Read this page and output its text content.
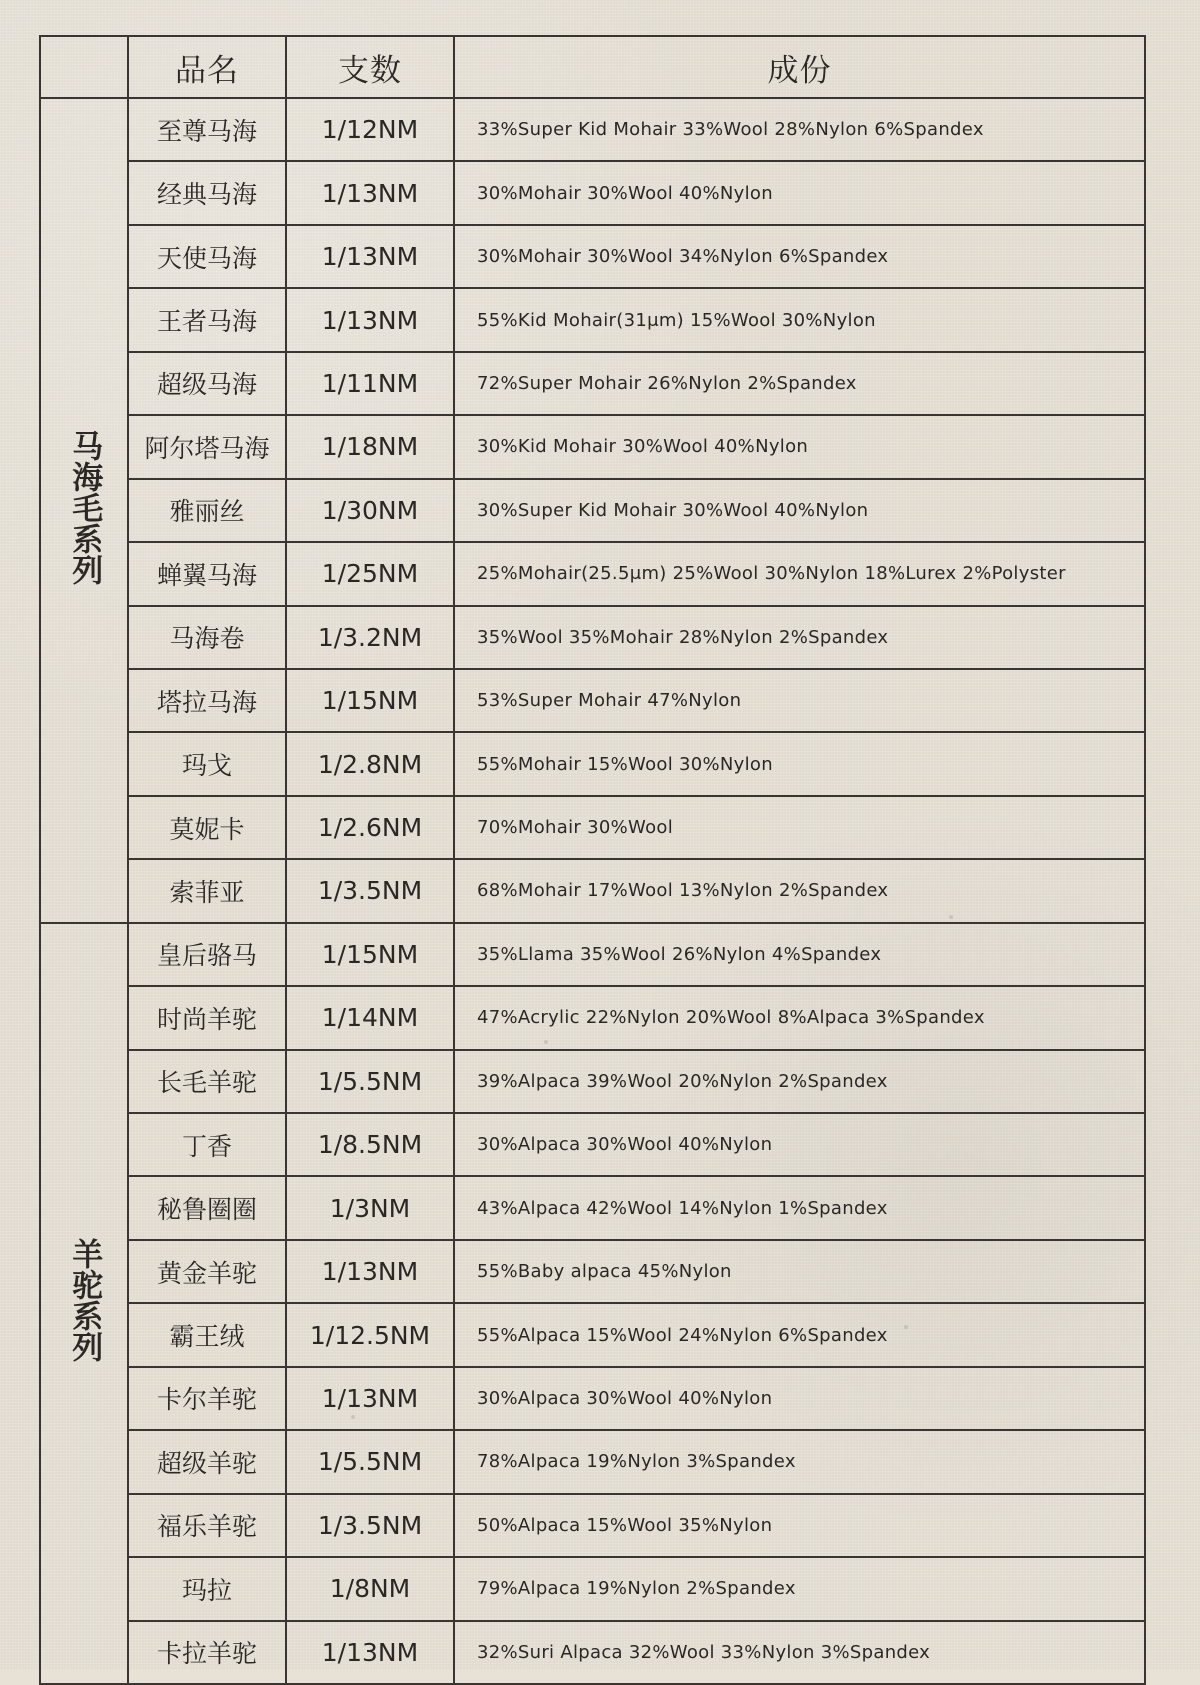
	品名	支数	成份
马海毛系列	至尊马海	1/12NM	33%Super Kid Mohair 33%Wool 28%Nylon 6%Spandex
	经典马海	1/13NM	30%Mohair 30%Wool 40%Nylon
	天使马海	1/13NM	30%Mohair 30%Wool 34%Nylon 6%Spandex
	王者马海	1/13NM	55%Kid Mohair(31μm) 15%Wool 30%Nylon
	超级马海	1/11NM	72%Super Mohair 26%Nylon 2%Spandex
	阿尔塔马海	1/18NM	30%Kid Mohair 30%Wool 40%Nylon
	雅丽丝	1/30NM	30%Super Kid Mohair 30%Wool 40%Nylon
	蝉翼马海	1/25NM	25%Mohair(25.5μm) 25%Wool 30%Nylon 18%Lurex 2%Polyster
	马海卷	1/3.2NM	35%Wool 35%Mohair 28%Nylon 2%Spandex
	塔拉马海	1/15NM	53%Super Mohair 47%Nylon
	玛戈	1/2.8NM	55%Mohair 15%Wool 30%Nylon
	莫妮卡	1/2.6NM	70%Mohair 30%Wool
	索菲亚	1/3.5NM	68%Mohair 17%Wool 13%Nylon 2%Spandex
羊驼系列	皇后骆马	1/15NM	35%Llama 35%Wool 26%Nylon 4%Spandex
	时尚羊驼	1/14NM	47%Acrylic 22%Nylon 20%Wool 8%Alpaca 3%Spandex
	长毛羊驼	1/5.5NM	39%Alpaca 39%Wool 20%Nylon 2%Spandex
	丁香	1/8.5NM	30%Alpaca 30%Wool 40%Nylon
	秘鲁圈圈	1/3NM	43%Alpaca 42%Wool 14%Nylon 1%Spandex
	黄金羊驼	1/13NM	55%Baby alpaca 45%Nylon
	霸王绒	1/12.5NM	55%Alpaca 15%Wool 24%Nylon 6%Spandex
	卡尔羊驼	1/13NM	30%Alpaca 30%Wool 40%Nylon
	超级羊驼	1/5.5NM	78%Alpaca 19%Nylon 3%Spandex
	福乐羊驼	1/3.5NM	50%Alpaca 15%Wool 35%Nylon
	玛拉	1/8NM	79%Alpaca 19%Nylon 2%Spandex
	卡拉羊驼	1/13NM	32%Suri Alpaca 32%Wool 33%Nylon 3%Spandex
